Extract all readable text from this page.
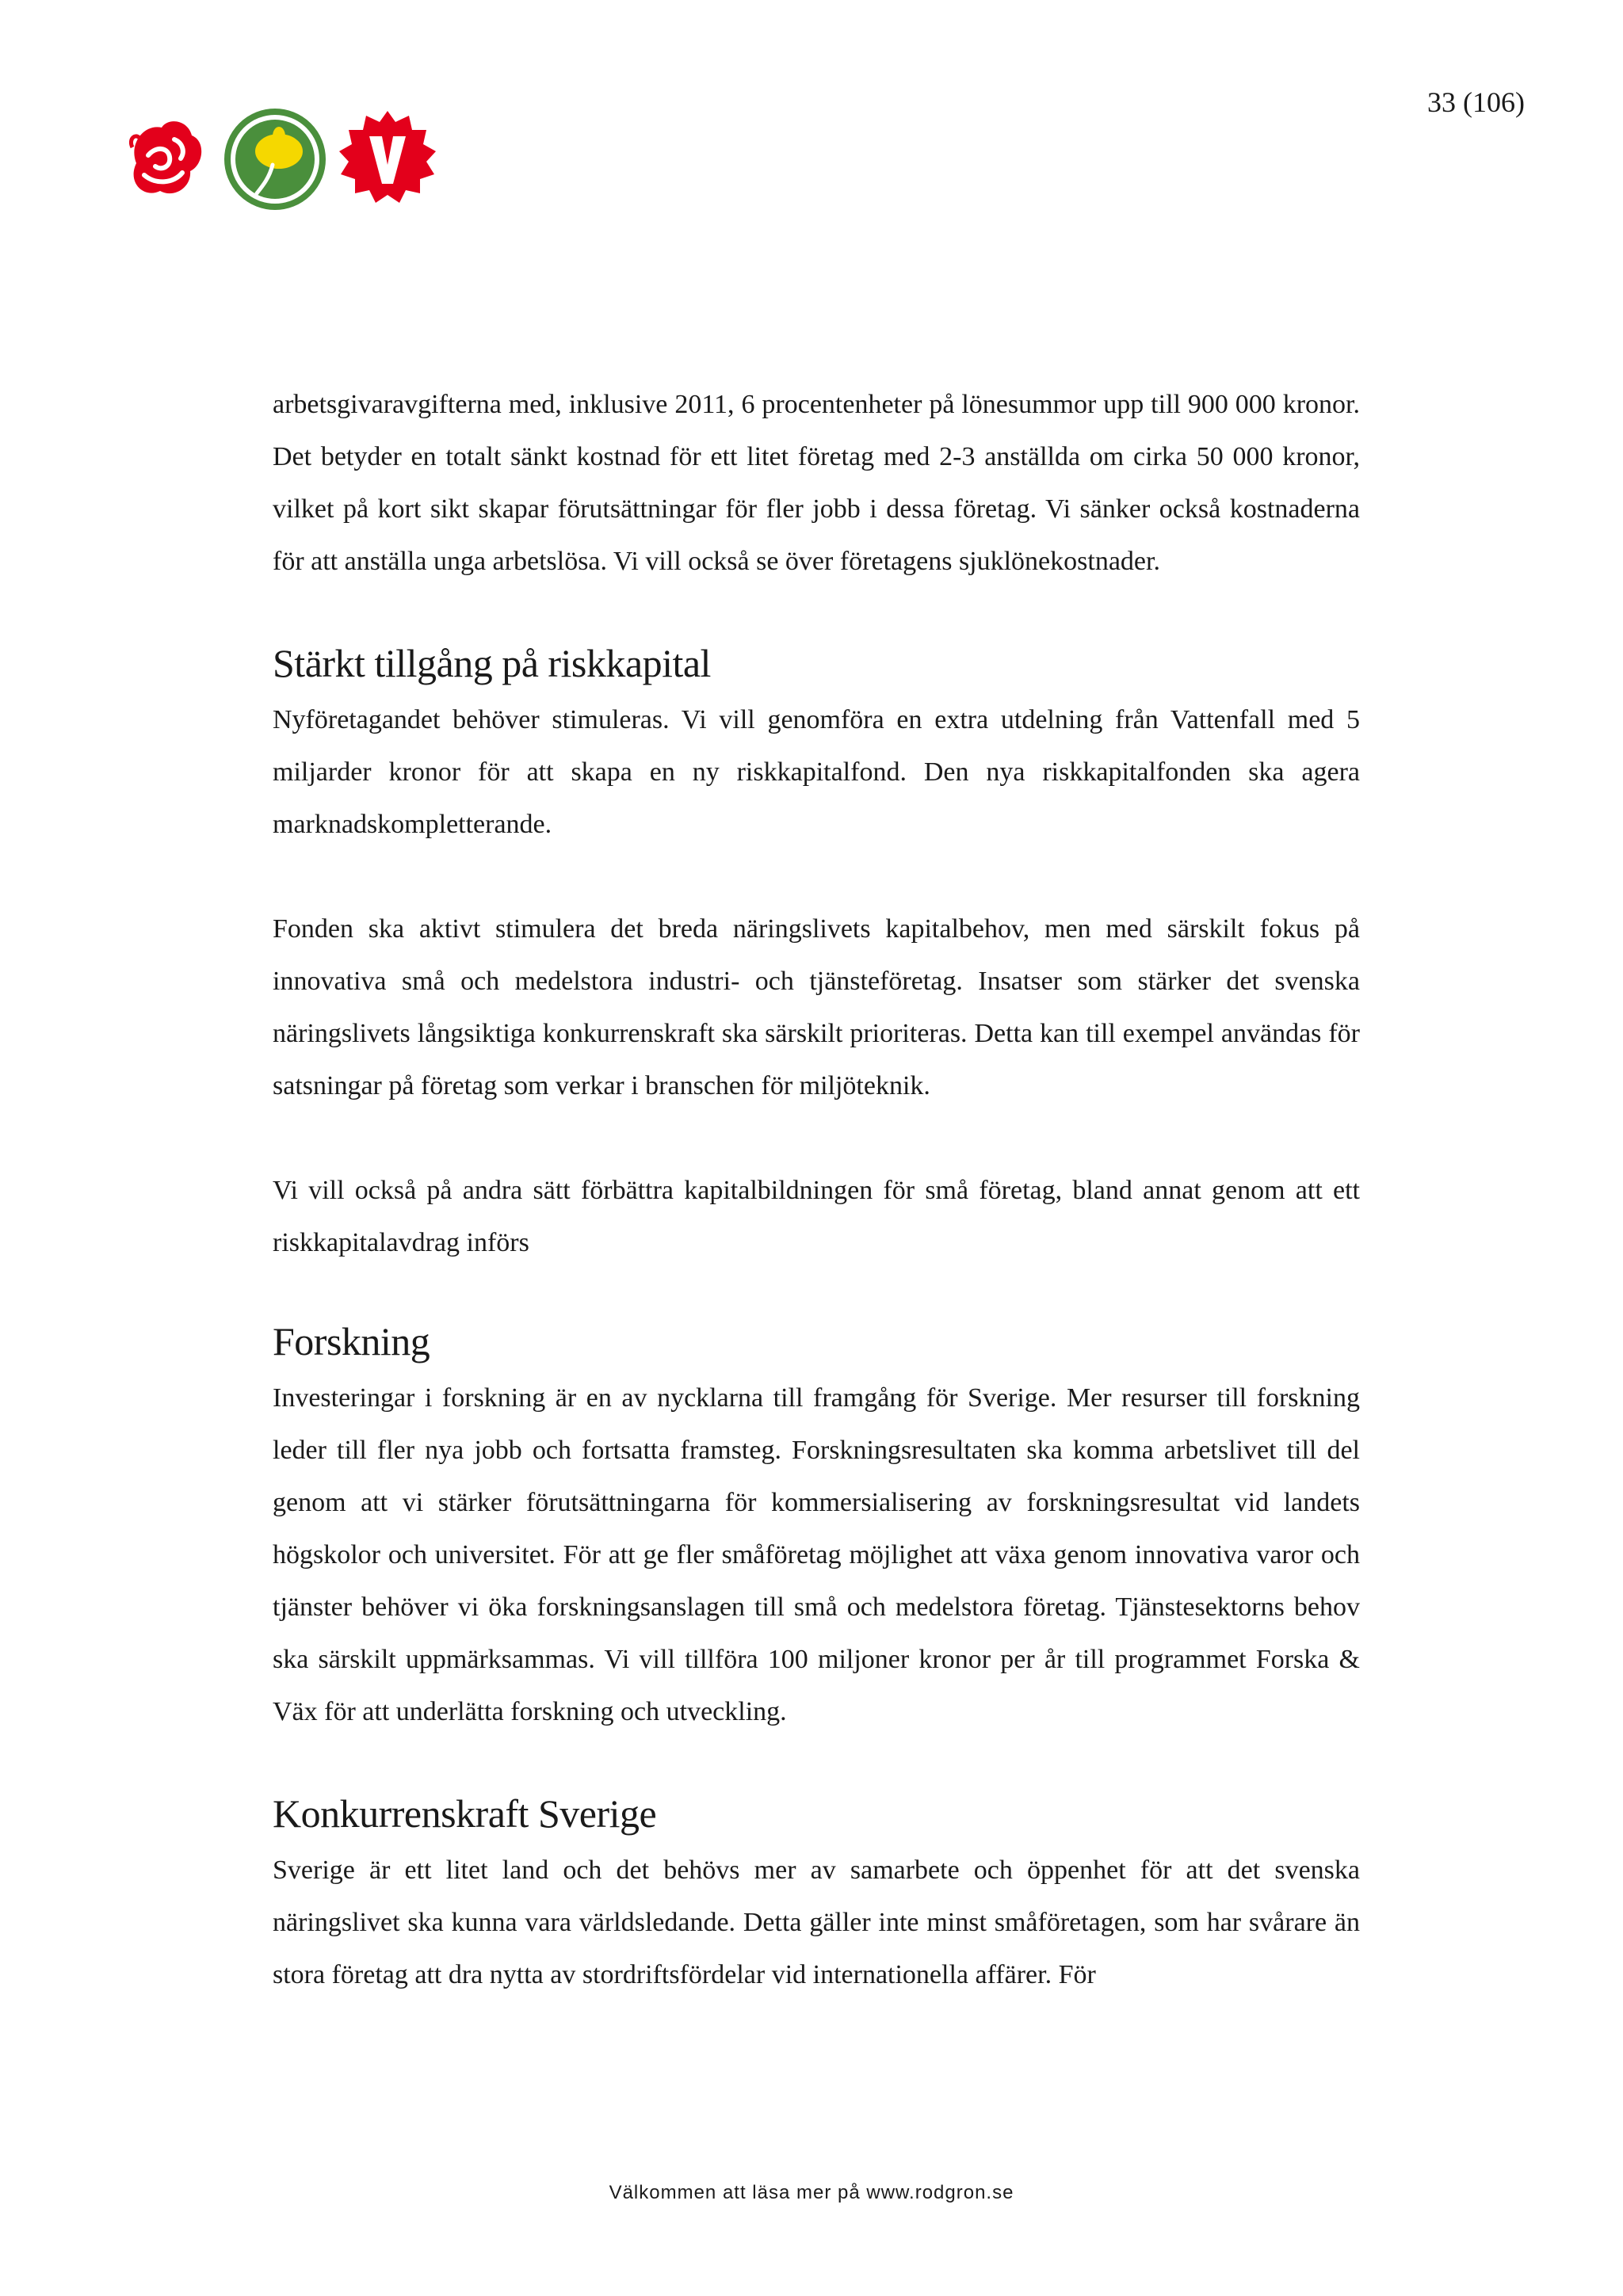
33 (106)

arbetsgivaravgifterna med, inklusive 2011, 6 procentenheter på lönesummor upp till 900 000 kronor. Det betyder en totalt sänkt kostnad för ett litet företag med 2-3 anställda om cirka 50 000 kronor, vilket på kort sikt skapar förutsättningar för fler jobb i dessa företag. Vi sänker också kostnaderna för att anställa unga arbetslösa. Vi vill också se över företagens sjuklönekostnader.

Stärkt tillgång på riskkapital

Nyföretagandet behöver stimuleras. Vi vill genomföra en extra utdelning från Vattenfall med 5 miljarder kronor för att skapa en ny riskkapitalfond. Den nya riskkapitalfonden ska agera marknadskompletterande.

Fonden ska aktivt stimulera det breda näringslivets kapitalbehov, men med särskilt fokus på innovativa små och medelstora industri- och tjänsteföretag. Insatser som stärker det svenska näringslivets långsiktiga konkurrenskraft ska särskilt prioriteras. Detta kan till exempel användas för satsningar på företag som verkar i branschen för miljöteknik.

Vi vill också på andra sätt förbättra kapitalbildningen för små företag, bland annat genom att ett riskkapitalavdrag införs

Forskning

Investeringar i forskning är en av nycklarna till framgång för Sverige. Mer resurser till forskning leder till fler nya jobb och fortsatta framsteg. Forskningsresultaten ska komma arbetslivet till del genom att vi stärker förutsättningarna för kommersialisering av forskningsresultat vid landets högskolor och universitet. För att ge fler småföretag möjlighet att växa genom innovativa varor och tjänster behöver vi öka forskningsanslagen till små och medelstora företag. Tjänstesektorns behov ska särskilt uppmärksammas. Vi vill tillföra 100 miljoner kronor per år till programmet Forska & Väx för att underlätta forskning och utveckling.

Konkurrenskraft Sverige

Sverige är ett litet land och det behövs mer av samarbete och öppenhet för att det svenska näringslivet ska kunna vara världsledande. Detta gäller inte minst småföretagen, som har svårare än stora företag att dra nytta av stordriftsfördelar vid internationella affärer. För

Välkommen att läsa mer på www.rodgron.se
